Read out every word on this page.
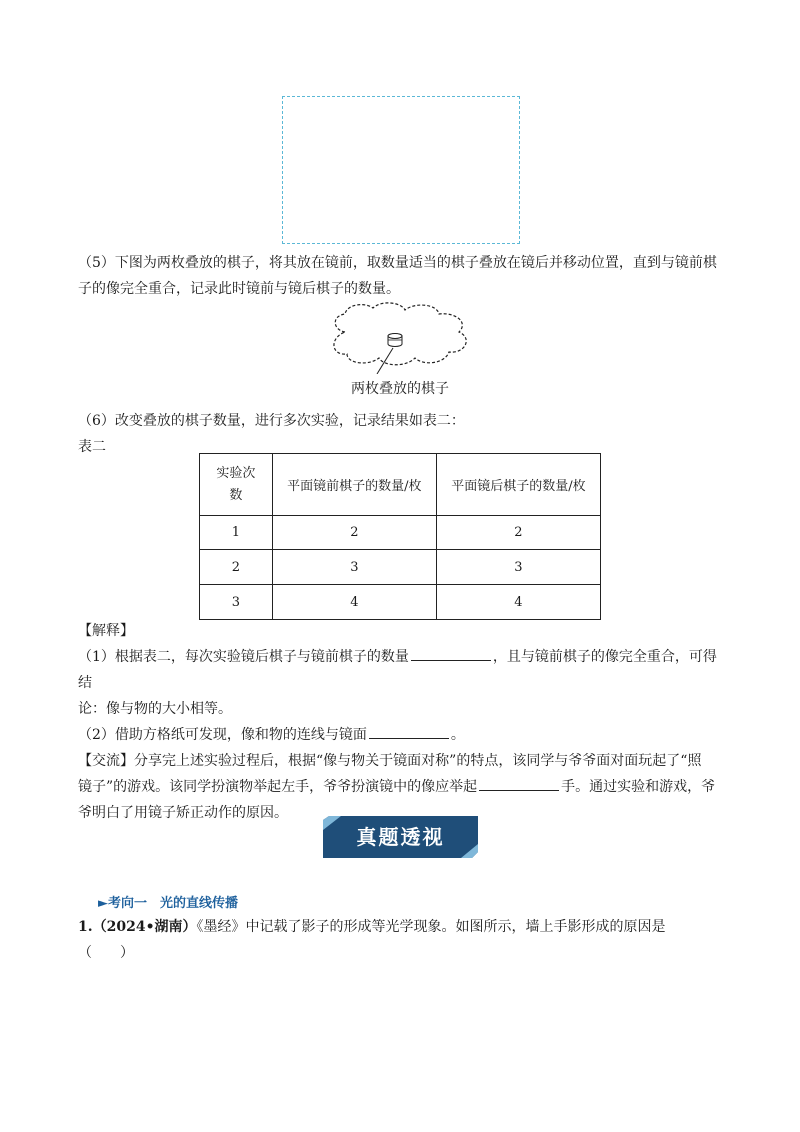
（5）下图为两枚叠放的棋子，将其放在镜前，取数量适当的棋子叠放在镜后并移动位置，直到与镜前棋
子的像完全重合，记录此时镜前与镜后棋子的数量。
两枚叠放的棋子
（6）改变叠放的棋子数量，进行多次实验，记录结果如表二：
表二
实验次数	平面镜前棋子的数量/枚	平面镜后棋子的数量/枚
1	2	2
2	3	3
3	4	4
【解释】
（1）根据表二，每次实验镜后棋子与镜前棋子的数量	，且与镜前棋子的像完全重合，可得结
论：像与物的大小相等。
（2）借助方格纸可发现，像和物的连线与镜面	。
【交流】分享完上述实验过程后，根据“像与物关于镜面对称”的特点，该同学与爷爷面对面玩起了“照
镜子”的游戏。该同学扮演物举起左手，爷爷扮演镜中的像应举起	手。通过实验和游戏，爷
爷明白了用镜子矫正动作的原因。
真题透视
►考向一　光的直线传播
1.（2024•湖南）《墨经》中记载了影子的形成等光学现象。如图所示，墙上手影形成的原因是
（　　）
